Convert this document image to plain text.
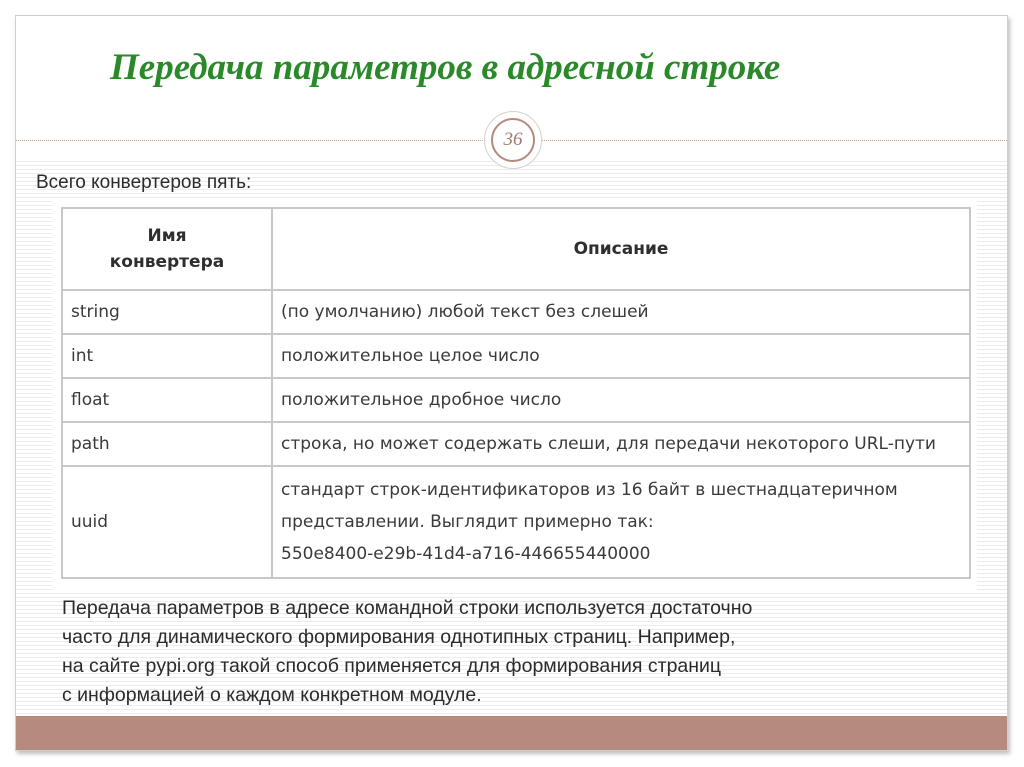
Передача параметров в адресной строке
36
Всего конвертеров пять:
Имя конвертера	Описание
string	(по умолчанию) любой текст без слешей
int	положительное целое число
float	положительное дробное число
path	строка, но может содержать слеши, для передачи некоторого URL-пути
uuid	стандарт строк-идентификаторов из 16 байт в шестнадцатеричном
представлении. Выглядит примерно так:
550e8400-e29b-41d4-a716-446655440000
Передача параметров в адресе командной строки используется достаточно
часто для динамического формирования однотипных страниц. Например,
на сайте pypi.org такой способ применяется для формирования страниц
с информацией о каждом конкретном модуле.
